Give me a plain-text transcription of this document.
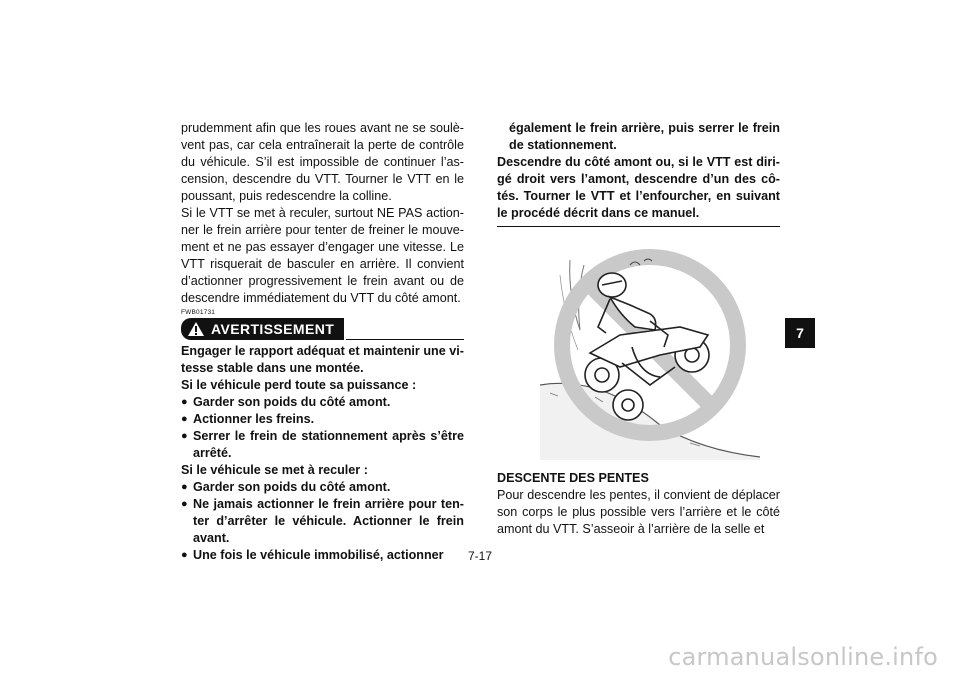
prudemment afin que les roues avant ne se soulè-vent pas, car cela entraînerait la perte de contrôle du véhicule. S’il est impossible de continuer l’as-cension, descendre du VTT. Tourner le VTT en le poussant, puis redescendre la colline.

Si le VTT se met à reculer, surtout NE PAS action-ner le frein arrière pour tenter de freiner le mouve-ment et ne pas essayer d’engager une vitesse. Le VTT risquerait de basculer en arrière. Il convient d’actionner progressivement le frein avant ou de descendre immédiatement du VTT du côté amont.

FWB01731
AVERTISSEMENT

Engager le rapport adéquat et maintenir une vi-tesse stable dans une montée.

Si le véhicule perd toute sa puissance :

● Garder son poids du côté amont.
● Actionner les freins.
● Serrer le frein de stationnement après s’être arrêté.

Si le véhicule se met à reculer :

● Garder son poids du côté amont.
● Ne jamais actionner le frein arrière pour ten-ter d’arrêter le véhicule. Actionner le frein avant.
● Une fois le véhicule immobilisé, actionner

également le frein arrière, puis serrer le frein de stationnement.

Descendre du côté amont ou, si le VTT est diri-gé droit vers l’amont, descendre d’un des cô-tés. Tourner le VTT et l’enfourcher, en suivant le procédé décrit dans ce manuel.

DESCENTE DES PENTES

Pour descendre les pentes, il convient de déplacer son corps le plus possible vers l’arrière et le côté amont du VTT. S’asseoir à l’arrière de la selle et

7
7-17
carmanualsonline.info
